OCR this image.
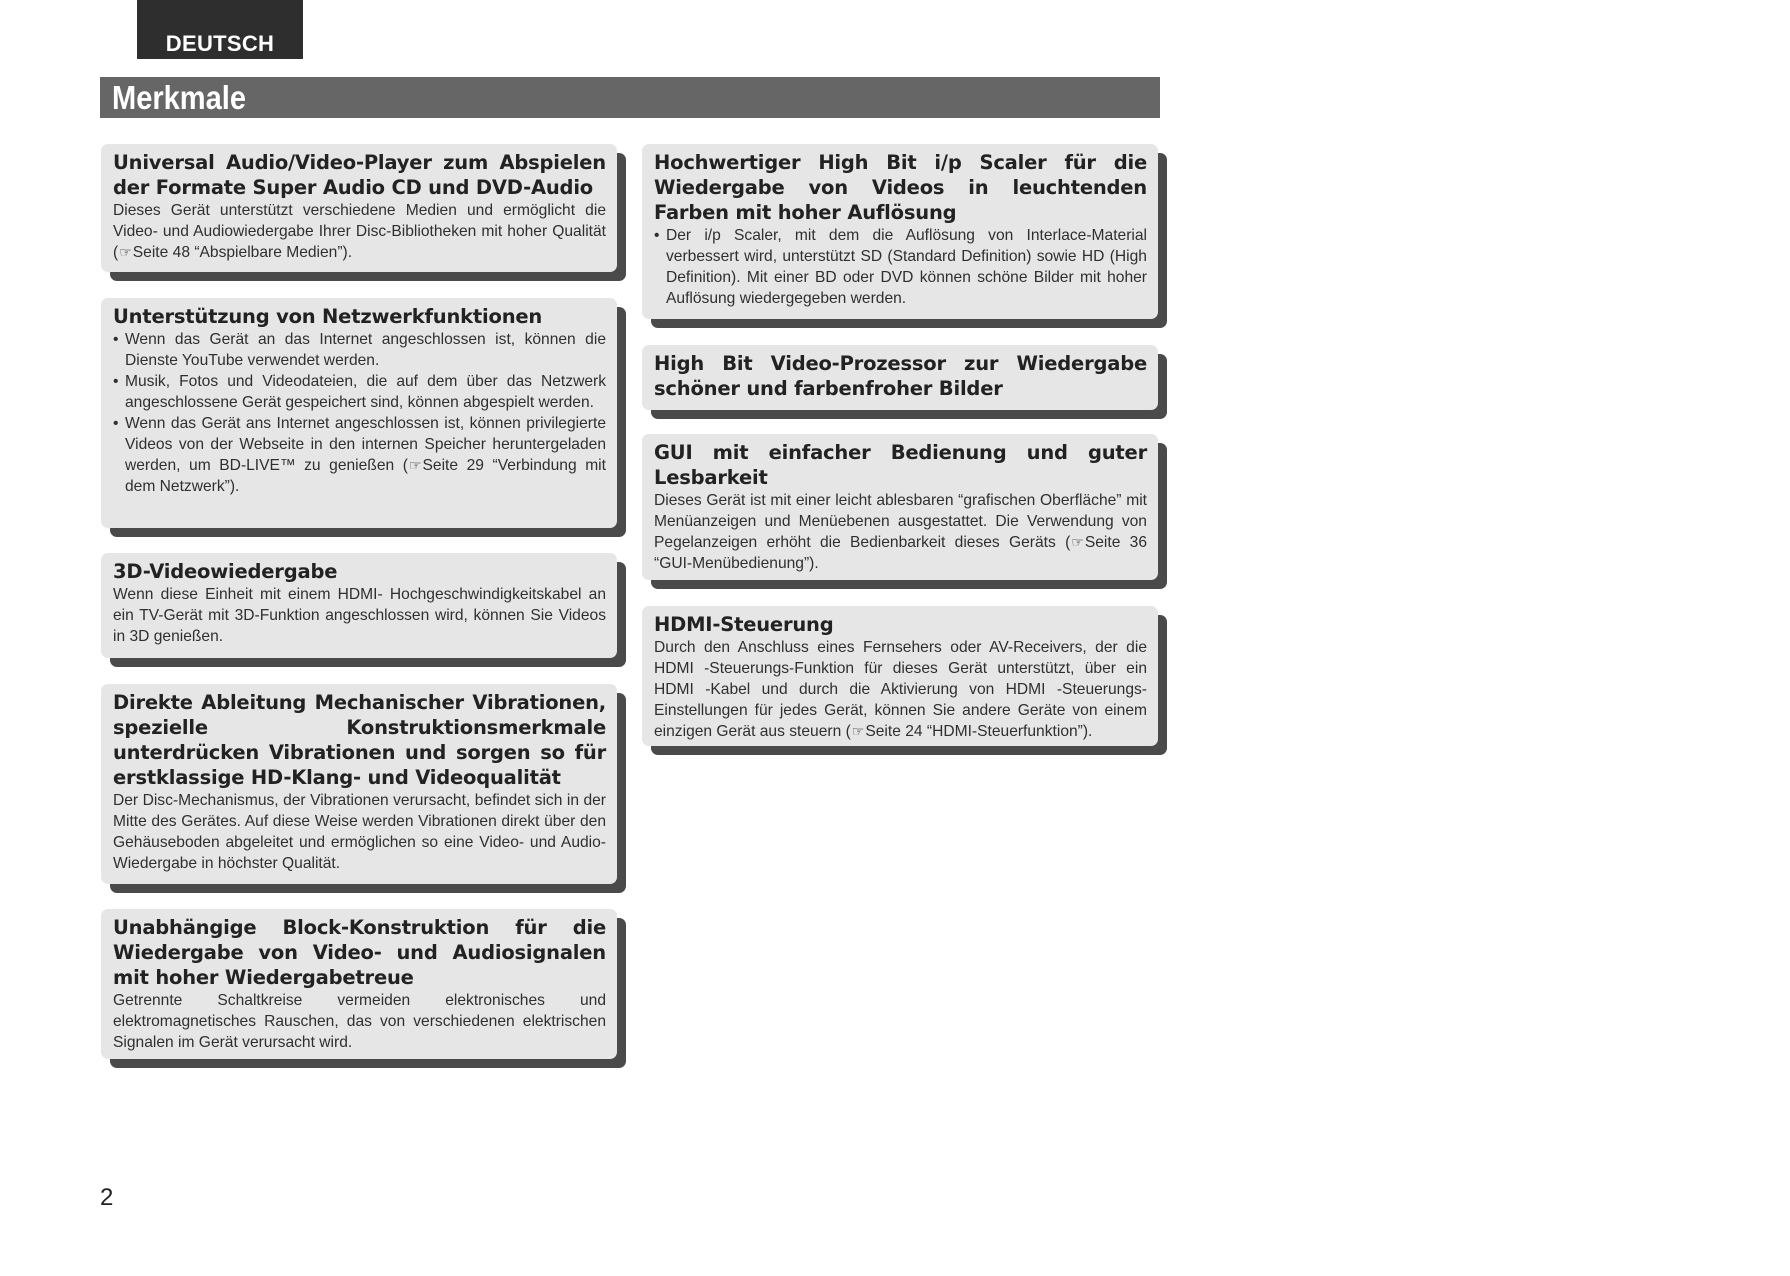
DEUTSCH
Merkmale
Universal Audio/Video-Player zum Abspielen der Formate Super Audio CD und DVD-Audio

Dieses Gerät unterstützt verschiedene Medien und ermöglicht die Video- und Audiowiedergabe Ihrer Disc-Bibliotheken mit hoher Qualität (☞Seite 48 “Abspielbare Medien”).

Unterstützung von Netzwerkfunktionen
• Wenn das Gerät an das Internet angeschlossen ist, können die Dienste YouTube verwendet werden.
• Musik, Fotos und Videodateien, die auf dem über das Netzwerk angeschlossene Gerät gespeichert sind, können abgespielt werden.
• Wenn das Gerät ans Internet angeschlossen ist, können privilegierte Videos von der Webseite in den internen Speicher heruntergeladen werden, um BD-LIVE™ zu genießen (☞Seite 29 “Verbindung mit dem Netzwerk”).
3D-Videowiedergabe

Wenn diese Einheit mit einem HDMI- Hochgeschwindigkeitskabel an ein TV-Gerät mit 3D-Funktion angeschlossen wird, können Sie Videos in 3D genießen.

Direkte Ableitung Mechanischer Vibrationen, spezielle Konstruktionsmerkmale unterdrücken Vibrationen und sorgen so für erstklassige HD-Klang- und Videoqualität

Der Disc-Mechanismus, der Vibrationen verursacht, befindet sich in der Mitte des Gerätes. Auf diese Weise werden Vibrationen direkt über den Gehäuseboden abgeleitet und ermöglichen so eine Video- und Audio-Wiedergabe in höchster Qualität.

Unabhängige Block-Konstruktion für die Wiedergabe von Video- und Audiosignalen mit hoher Wiedergabetreue

Getrennte Schaltkreise vermeiden elektronisches und elektromagnetisches Rauschen, das von verschiedenen elektrischen Signalen im Gerät verursacht wird.

Hochwertiger High Bit i/p Scaler für die Wiedergabe von Videos in leuchtenden Farben mit hoher Auflösung
• Der i/p Scaler, mit dem die Auflösung von Interlace-Material verbessert wird, unterstützt SD (Standard Definition) sowie HD (High Definition). Mit einer BD oder DVD können schöne Bilder mit hoher Auflösung wiedergegeben werden.
High Bit Video-Prozessor zur Wiedergabe schöner und farbenfroher Bilder
GUI mit einfacher Bedienung und guter Lesbarkeit

Dieses Gerät ist mit einer leicht ablesbaren “grafischen Oberfläche” mit Menüanzeigen und Menüebenen ausgestattet. Die Verwendung von Pegelanzeigen erhöht die Bedienbarkeit dieses Geräts (☞Seite 36 “GUI-Menübedienung”).

HDMI-Steuerung

Durch den Anschluss eines Fernsehers oder AV-Receivers, der die HDMI -Steuerungs-Funktion für dieses Gerät unterstützt, über ein HDMI -Kabel und durch die Aktivierung von HDMI -Steuerungs-Einstellungen für jedes Gerät, können Sie andere Geräte von einem einzigen Gerät aus steuern (☞Seite 24 “HDMI-Steuerfunktion”).

2
